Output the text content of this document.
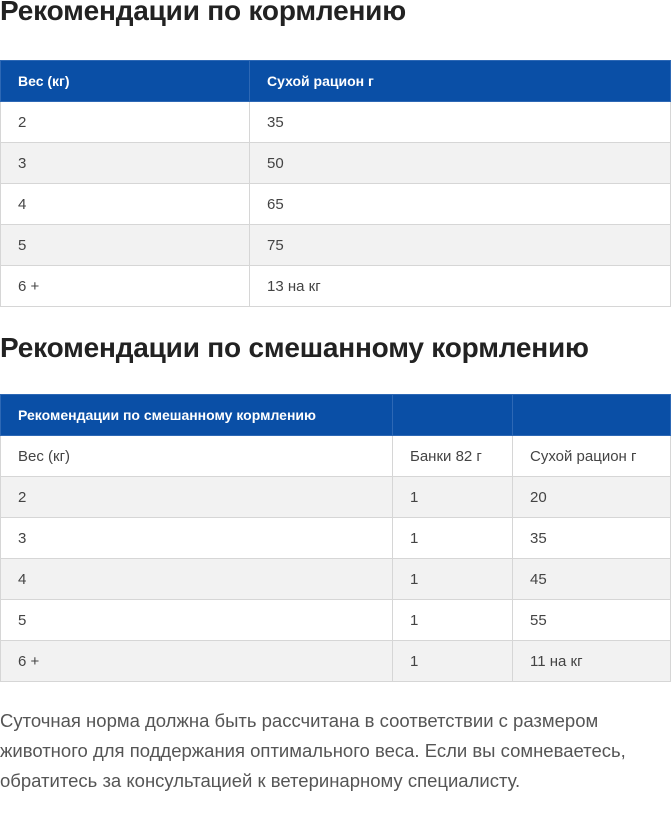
Рекомендации по кормлению
Вес (кг)	Сухой рацион г
2	35
3	50
4	65
5	75
6 +	13 на кг
Рекомендации по смешанному кормлению
Рекомендации по смешанному кормлению		
Вес (кг)	Банки 82 г	Сухой рацион г
2	1	20
3	1	35
4	1	45
5	1	55
6 +	1	11 на кг

Суточная норма должна быть рассчитана в соответствии с размером животного для поддержания оптимального веса. Если вы сомневаетесь, обратитесь за консультацией к ветеринарному специалисту.
